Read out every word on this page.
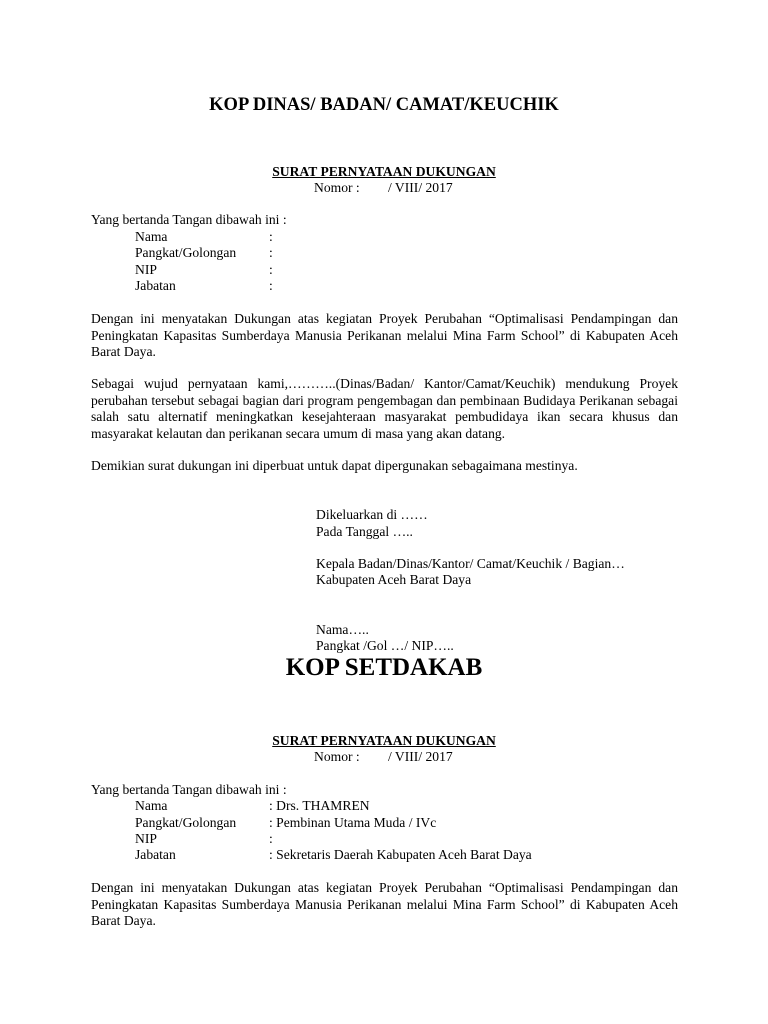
KOP DINAS/ BADAN/ CAMAT/KEUCHIK
SURAT PERNYATAAN DUKUNGAN
Nomor : / VIII/ 2017
Yang bertanda Tangan dibawah ini :
Nama	:
Pangkat/Golongan :
NIP	:
Jabatan	:
Dengan ini menyatakan Dukungan atas kegiatan Proyek Perubahan “Optimalisasi Pendampingan dan Peningkatan Kapasitas Sumberdaya Manusia Perikanan melalui Mina Farm School” di Kabupaten Aceh Barat Daya.
Sebagai wujud pernyataan kami,………..(Dinas/Badan/ Kantor/Camat/Keuchik) mendukung Proyek perubahan tersebut sebagai bagian dari program pengembagan dan pembinaan Budidaya Perikanan sebagai salah satu alternatif meningkatkan kesejahteraan masyarakat pembudidaya ikan secara khusus dan masyarakat kelautan dan perikanan secara umum di masa yang akan datang.
Demikian surat dukungan ini diperbuat untuk dapat dipergunakan sebagaimana mestinya.
Dikeluarkan di ……
Pada Tanggal …..
Kepala Badan/Dinas/Kantor/ Camat/Keuchik / Bagian…
Kabupaten Aceh Barat Daya
Nama…..
Pangkat /Gol …/ NIP…..
KOP SETDAKAB
SURAT PERNYATAAN DUKUNGAN
Nomor : / VIII/ 2017
Yang bertanda Tangan dibawah ini :
Nama	: Drs. THAMREN
Pangkat/Golongan : Pembinan Utama Muda / IVc
NIP	:
Jabatan	: Sekretaris Daerah Kabupaten Aceh Barat Daya
Dengan ini menyatakan Dukungan atas kegiatan Proyek Perubahan “Optimalisasi Pendampingan dan Peningkatan Kapasitas Sumberdaya Manusia Perikanan melalui Mina Farm School” di Kabupaten Aceh Barat Daya.
